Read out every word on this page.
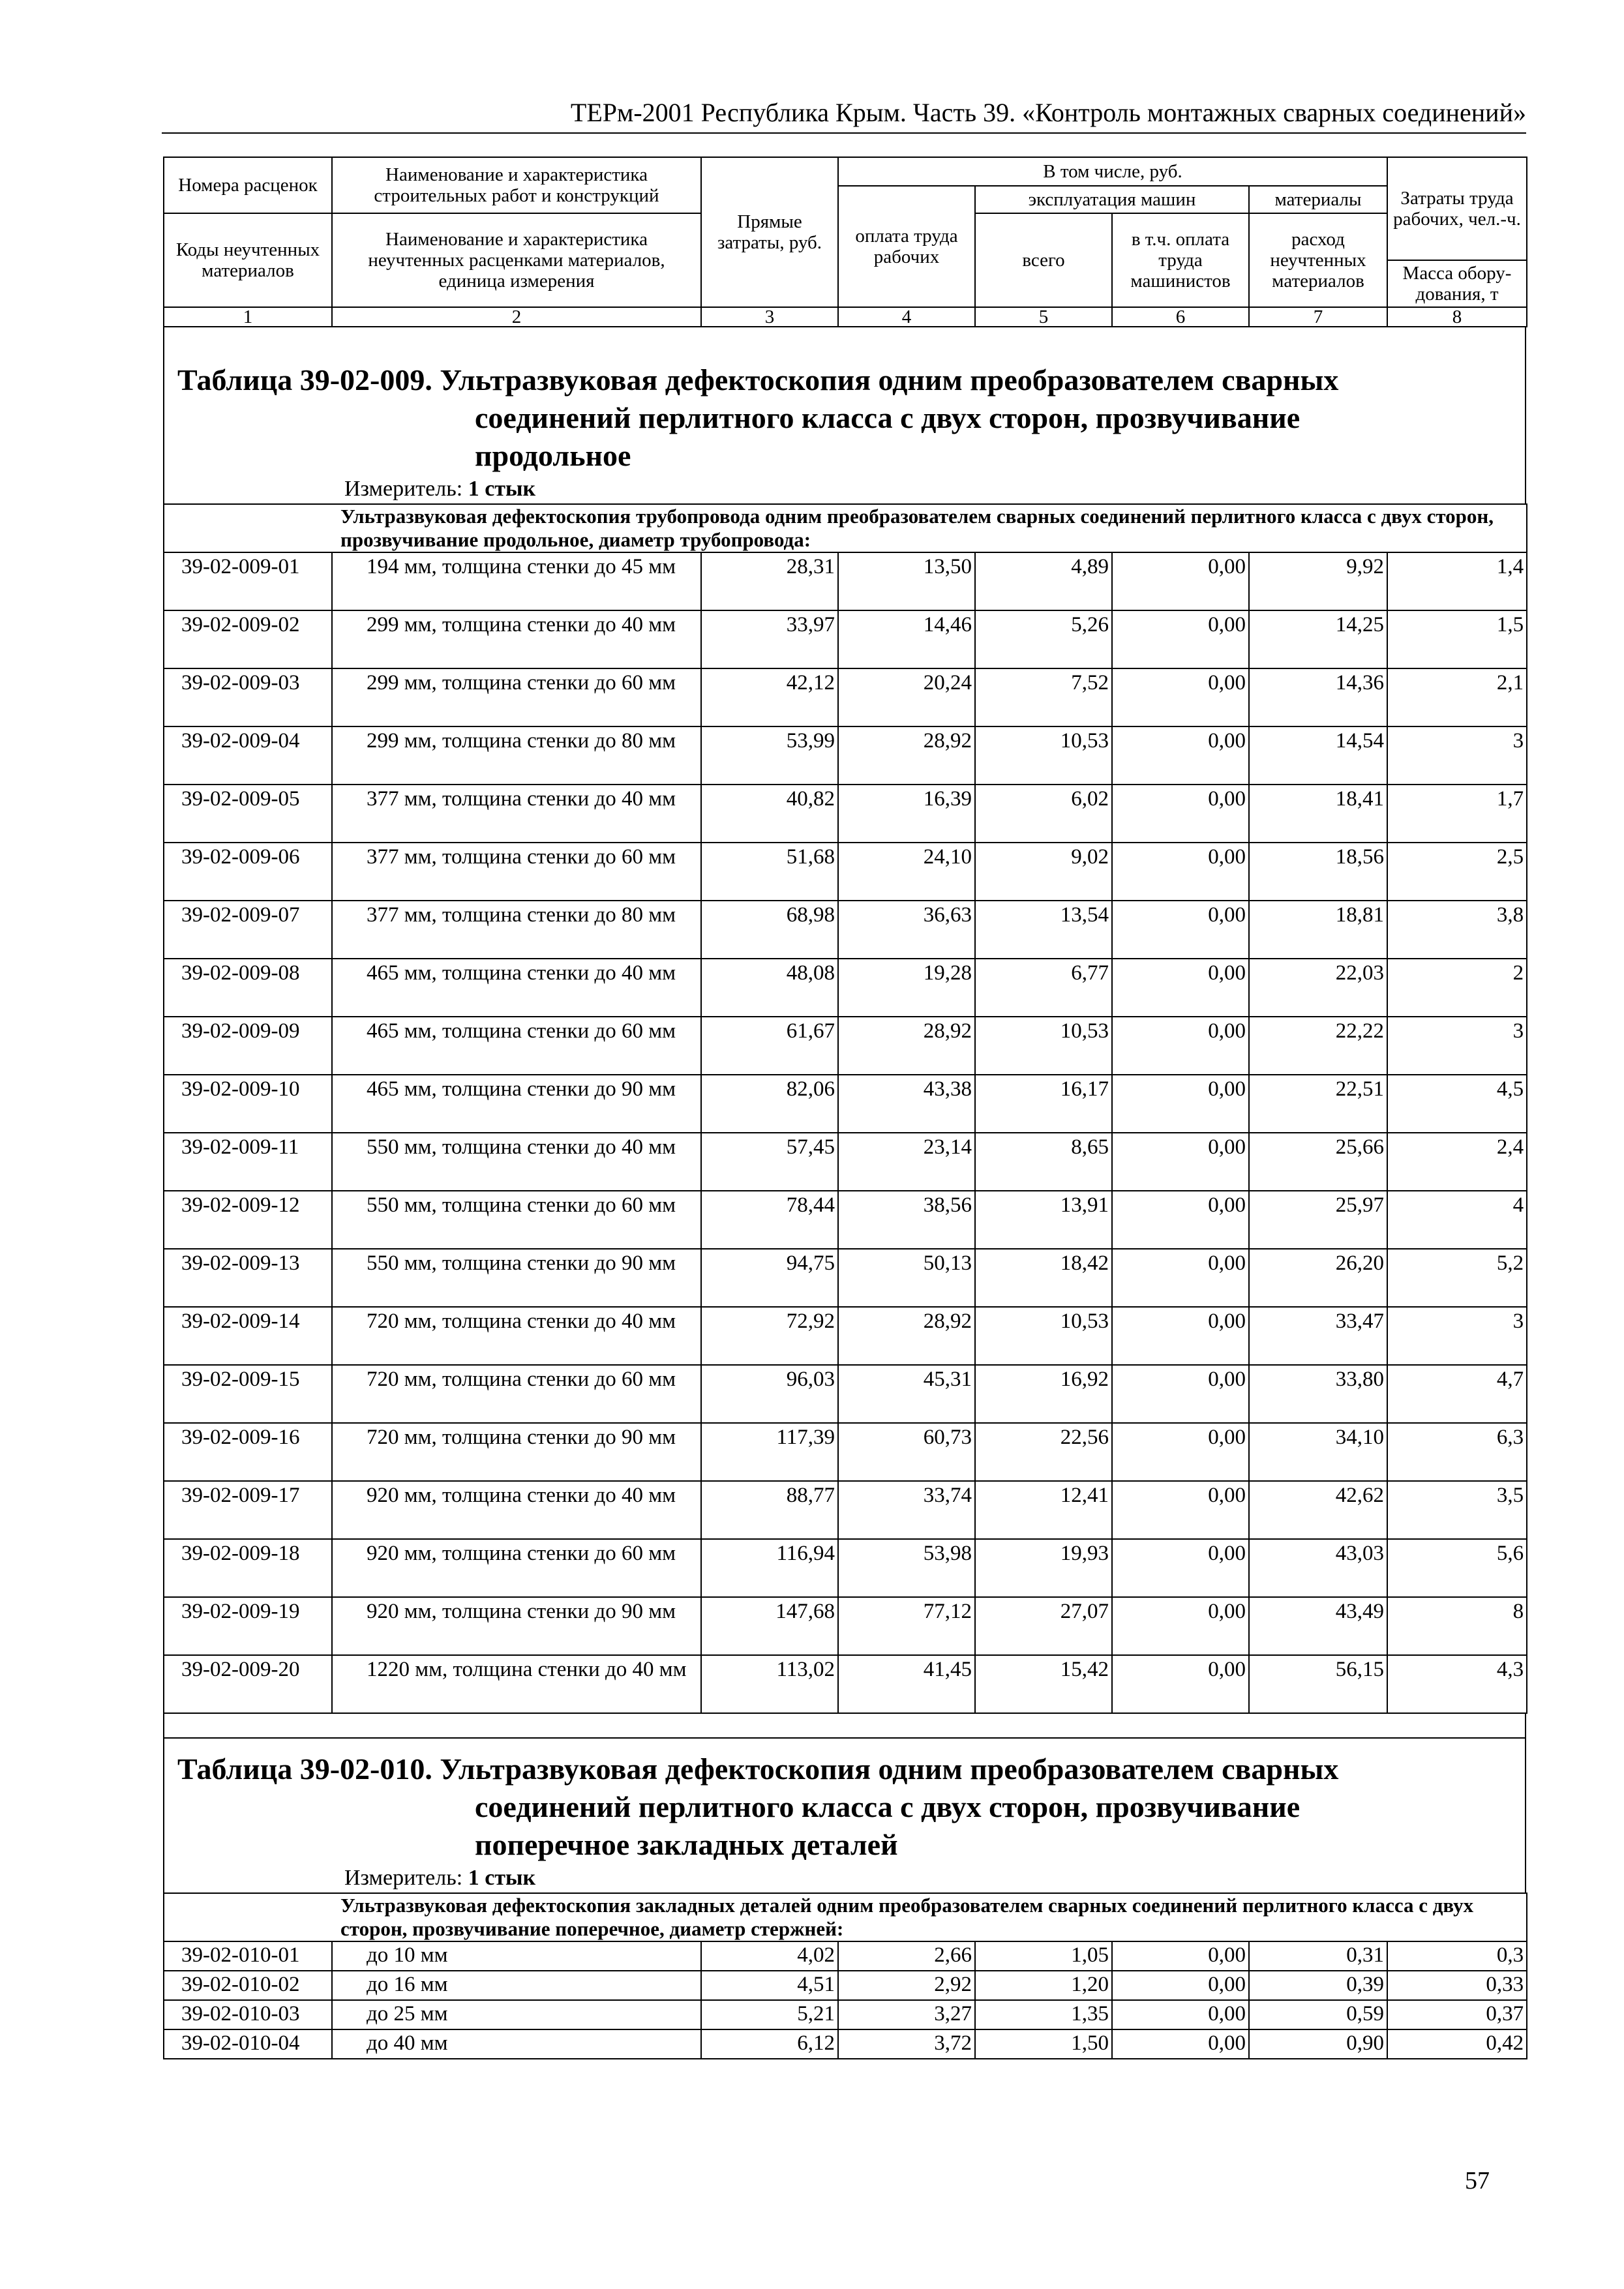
ТЕРм-2001 Республика Крым. Часть 39. «Контроль монтажных сварных соединений»
Номера расценок	Наименование и характеристика строительных работ и конструкций	Прямые затраты, руб.	В том числе, руб.				Затраты труда рабочих, чел.-ч.
			оплата труда рабочих	эксплуатация машин		материалы	
Коды неучтенных материалов	Наименование и характеристика неучтенных расценками материалов, единица измерения			всего	в т.ч. оплата труда машинистов	расход неучтенных материалов	
							Масса обору-дования, т
1	2	3	4	5	6	7	8
Таблица 39-02-009. Ультразвуковая дефектоскопия одним преобразователем сварных
соединений перлитного класса с двух сторон, прозвучивание
продольное
Измеритель: 1 стык
Ультразвуковая дефектоскопия трубопровода одним преобразователем сварных соединений перлитного класса с двух сторон, прозвучивание продольное, диаметр трубопровода:							
39-02-009-01	194 мм, толщина стенки до 45 мм	28,31	13,50	4,89	0,00	9,92	1,4
39-02-009-02	299 мм, толщина стенки до 40 мм	33,97	14,46	5,26	0,00	14,25	1,5
39-02-009-03	299 мм, толщина стенки до 60 мм	42,12	20,24	7,52	0,00	14,36	2,1
39-02-009-04	299 мм, толщина стенки до 80 мм	53,99	28,92	10,53	0,00	14,54	3
39-02-009-05	377 мм, толщина стенки до 40 мм	40,82	16,39	6,02	0,00	18,41	1,7
39-02-009-06	377 мм, толщина стенки до 60 мм	51,68	24,10	9,02	0,00	18,56	2,5
39-02-009-07	377 мм, толщина стенки до 80 мм	68,98	36,63	13,54	0,00	18,81	3,8
39-02-009-08	465 мм, толщина стенки до 40 мм	48,08	19,28	6,77	0,00	22,03	2
39-02-009-09	465 мм, толщина стенки до 60 мм	61,67	28,92	10,53	0,00	22,22	3
39-02-009-10	465 мм, толщина стенки до 90 мм	82,06	43,38	16,17	0,00	22,51	4,5
39-02-009-11	550 мм, толщина стенки до 40 мм	57,45	23,14	8,65	0,00	25,66	2,4
39-02-009-12	550 мм, толщина стенки до 60 мм	78,44	38,56	13,91	0,00	25,97	4
39-02-009-13	550 мм, толщина стенки до 90 мм	94,75	50,13	18,42	0,00	26,20	5,2
39-02-009-14	720 мм, толщина стенки до 40 мм	72,92	28,92	10,53	0,00	33,47	3
39-02-009-15	720 мм, толщина стенки до 60 мм	96,03	45,31	16,92	0,00	33,80	4,7
39-02-009-16	720 мм, толщина стенки до 90 мм	117,39	60,73	22,56	0,00	34,10	6,3
39-02-009-17	920 мм, толщина стенки до 40 мм	88,77	33,74	12,41	0,00	42,62	3,5
39-02-009-18	920 мм, толщина стенки до 60 мм	116,94	53,98	19,93	0,00	43,03	5,6
39-02-009-19	920 мм, толщина стенки до 90 мм	147,68	77,12	27,07	0,00	43,49	8
39-02-009-20	1220 мм, толщина стенки до 40 мм	113,02	41,45	15,42	0,00	56,15	4,3
Таблица 39-02-010. Ультразвуковая дефектоскопия одним преобразователем сварных
соединений перлитного класса с двух сторон, прозвучивание
поперечное закладных деталей
Измеритель: 1 стык
Ультразвуковая дефектоскопия закладных деталей одним преобразователем сварных соединений перлитного класса с двух сторон, прозвучивание поперечное, диаметр стержней:							
39-02-010-01	до 10 мм	4,02	2,66	1,05	0,00	0,31	0,3
39-02-010-02	до 16 мм	4,51	2,92	1,20	0,00	0,39	0,33
39-02-010-03	до 25 мм	5,21	3,27	1,35	0,00	0,59	0,37
39-02-010-04	до 40 мм	6,12	3,72	1,50	0,00	0,90	0,42
57
